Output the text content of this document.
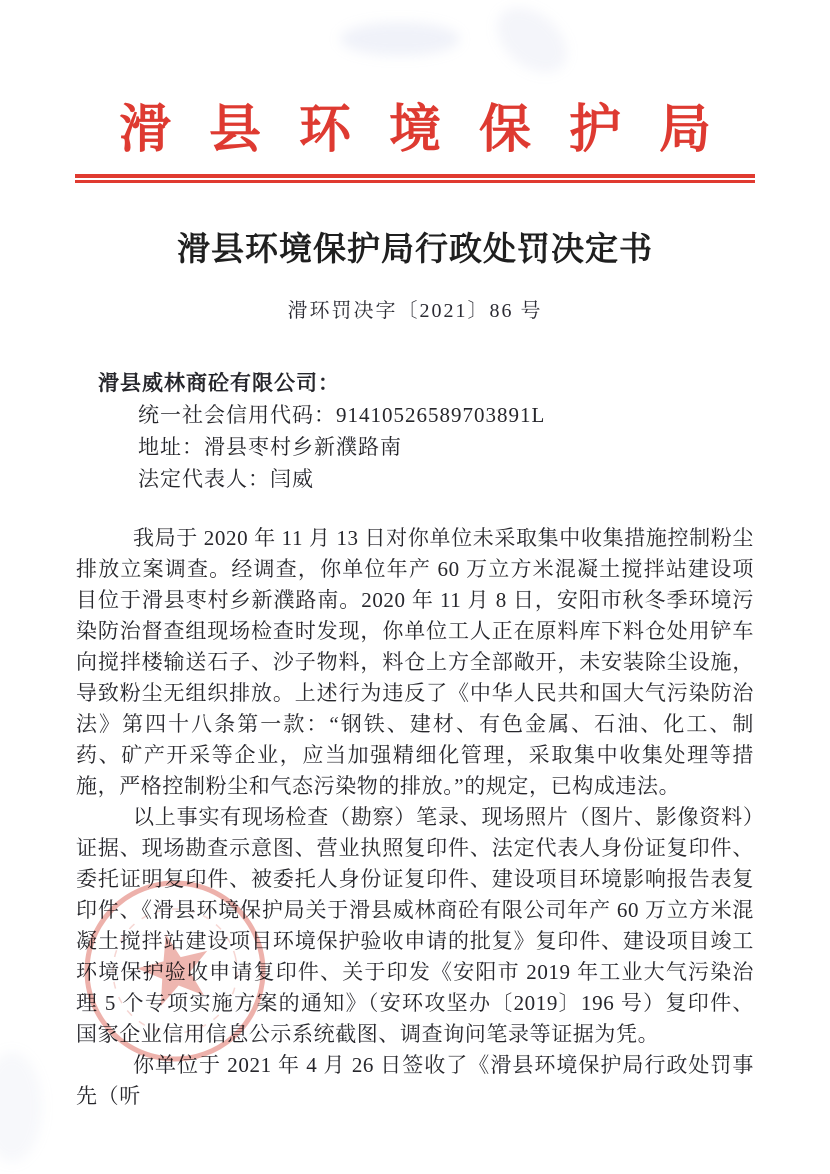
滑县环境保护局
滑县环境保护局行政处罚决定书
滑环罚决字〔2021〕86 号
滑县威林商砼有限公司：
统一社会信用代码：91410526589703891L
地址：滑县枣村乡新濮路南
法定代表人：闫威

我局于 2020 年 11 月 13 日对你单位未采取集中收集措施控制粉尘排放立案调查。经调查，你单位年产 60 万立方米混凝土搅拌站建设项目位于滑县枣村乡新濮路南。2020 年 11 月 8 日，安阳市秋冬季环境污染防治督查组现场检查时发现，你单位工人正在原料库下料仓处用铲车向搅拌楼输送石子、沙子物料，料仓上方全部敞开，未安装除尘设施，导致粉尘无组织排放。上述行为违反了《中华人民共和国大气污染防治法》第四十八条第一款：“钢铁、建材、有色金属、石油、化工、制药、矿产开采等企业，应当加强精细化管理，采取集中收集处理等措施，严格控制粉尘和气态污染物的排放。”的规定，已构成违法。

以上事实有现场检查（勘察）笔录、现场照片（图片、影像资料）证据、现场勘查示意图、营业执照复印件、法定代表人身份证复印件、委托证明复印件、被委托人身份证复印件、建设项目环境影响报告表复印件、《滑县环境保护局关于滑县威林商砼有限公司年产 60 万立方米混凝土搅拌站建设项目环境保护验收申请的批复》复印件、建设项目竣工环境保护验收申请复印件、关于印发《安阳市 2019 年工业大气污染治理 5 个专项实施方案的通知》（安环攻坚办〔2019〕196 号）复印件、国家企业信用信息公示系统截图、调查询问笔录等证据为凭。

你单位于 2021 年 4 月 26 日签收了《滑县环境保护局行政处罚事先（听
